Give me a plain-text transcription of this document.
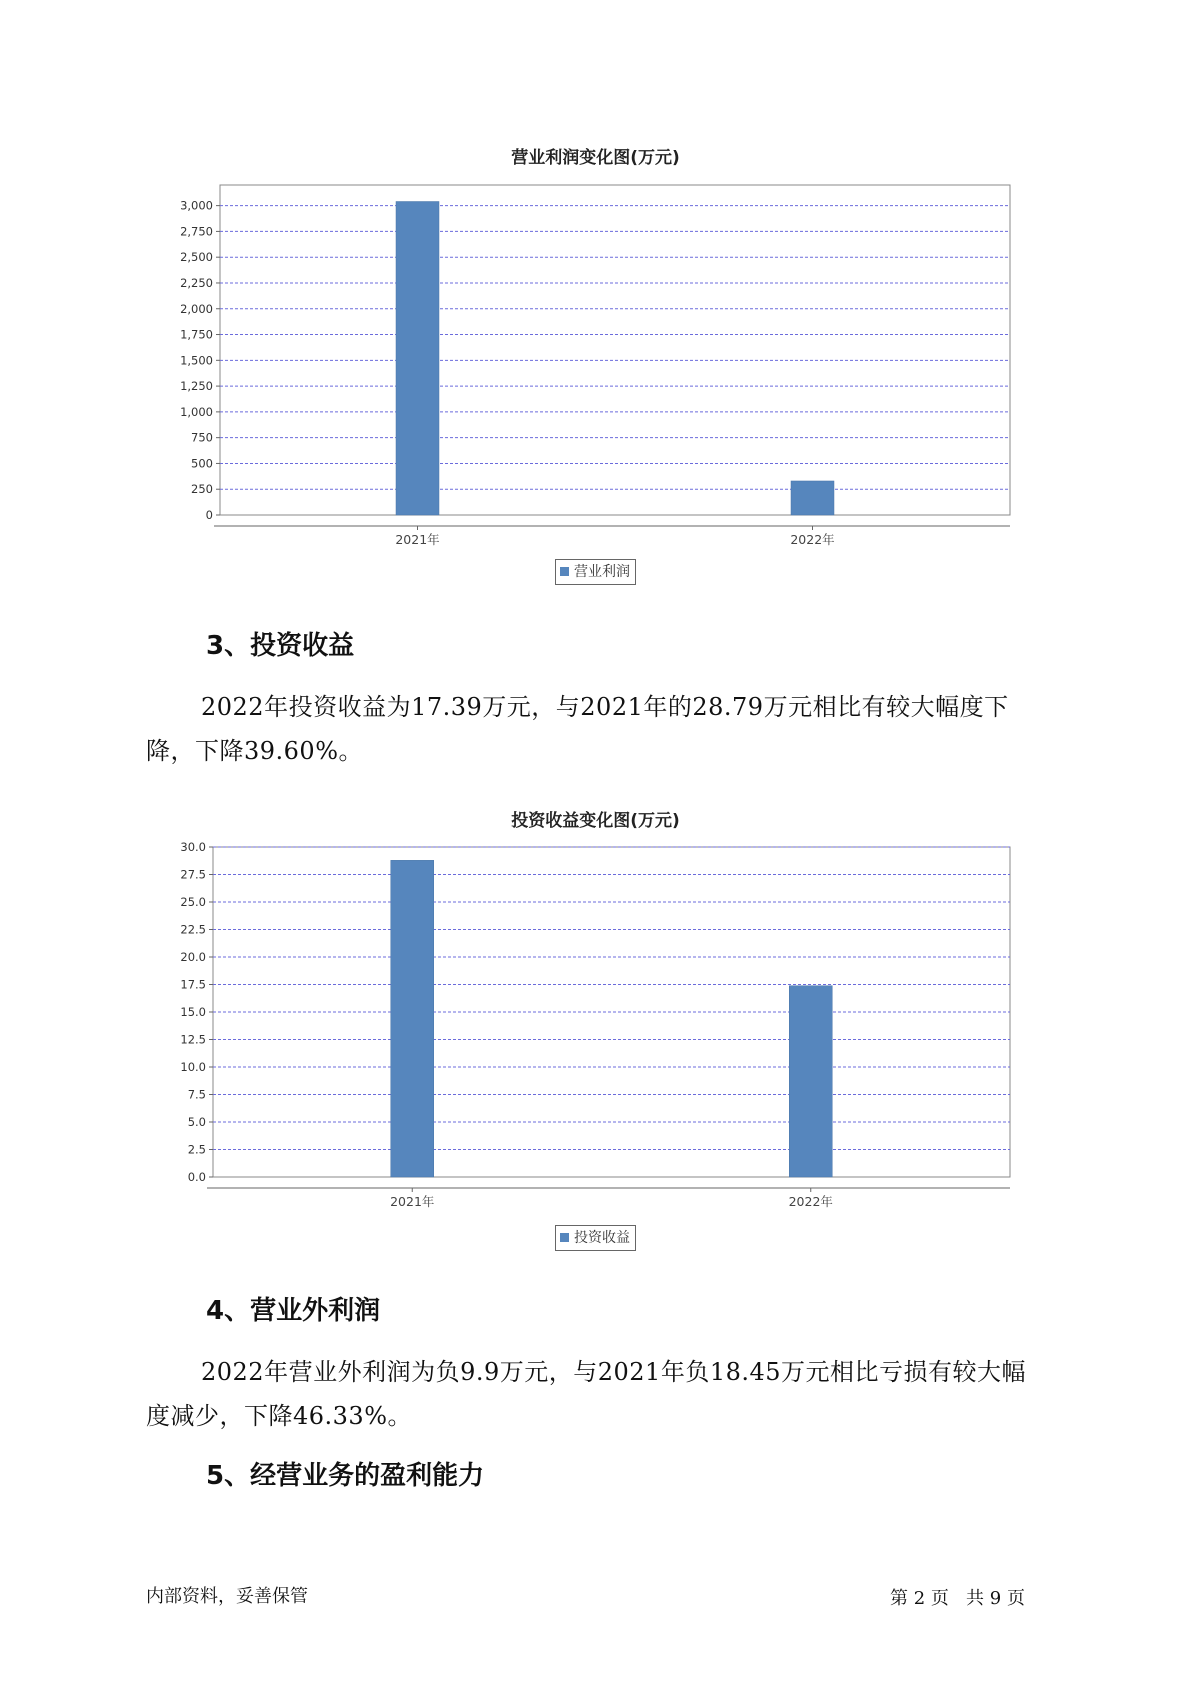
营业利润变化图(万元)
0
250
500
750
1,000
1,250
1,500
1,750
2,000
2,250
2,500
2,750
3,000
2021年	2022年
营业利润
3、投资收益
2022年投资收益为17.39万元，与2021年的28.79万元相比有较大幅度下降，下降39.60%。
投资收益变化图(万元)
0.0
2.5
5.0
7.5
10.0
12.5
15.0
17.5
20.0
22.5
25.0
27.5
30.0
2021年	2022年
投资收益
4、营业外利润
2022年营业外利润为负9.9万元，与2021年负18.45万元相比亏损有较大幅度减少，下降46.33%。
5、经营业务的盈利能力
内部资料，妥善保管	第 2 页   共 9 页
